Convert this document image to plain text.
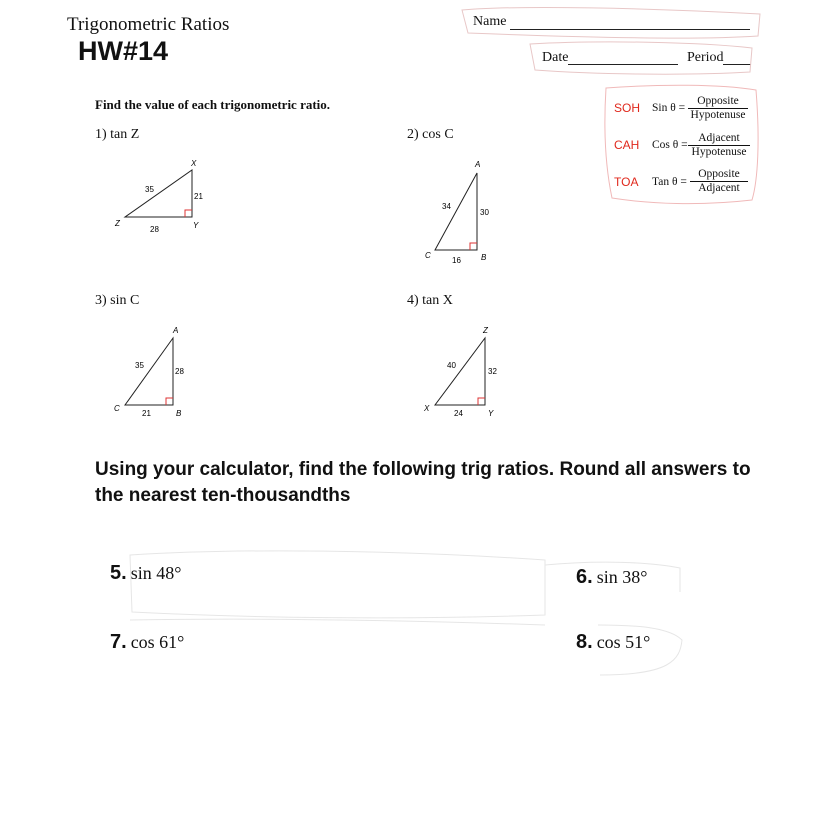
Trigonometric Ratios
HW#14
Name
Date	Period
Find the value of each trigonometric ratio.	SOH Sin θ =
Opposite
Hypotenuse
CAH Cos θ =
Adjacent
Hypotenuse
TOA Tan θ =
Opposite
Adjacent
1) tan Z	2) cos C
3) sin C	4) tan X
X
Z	Y
35
21
28
A
C	B
34
30
16
A
C
B
35
28
21
Z
X
Y
40
32
24
Using your calculator, find the following trig ratios. Round all answers to the nearest ten-thousandths
5. sin 48°	6. sin 38°
7. cos 61°	8. cos 51°
